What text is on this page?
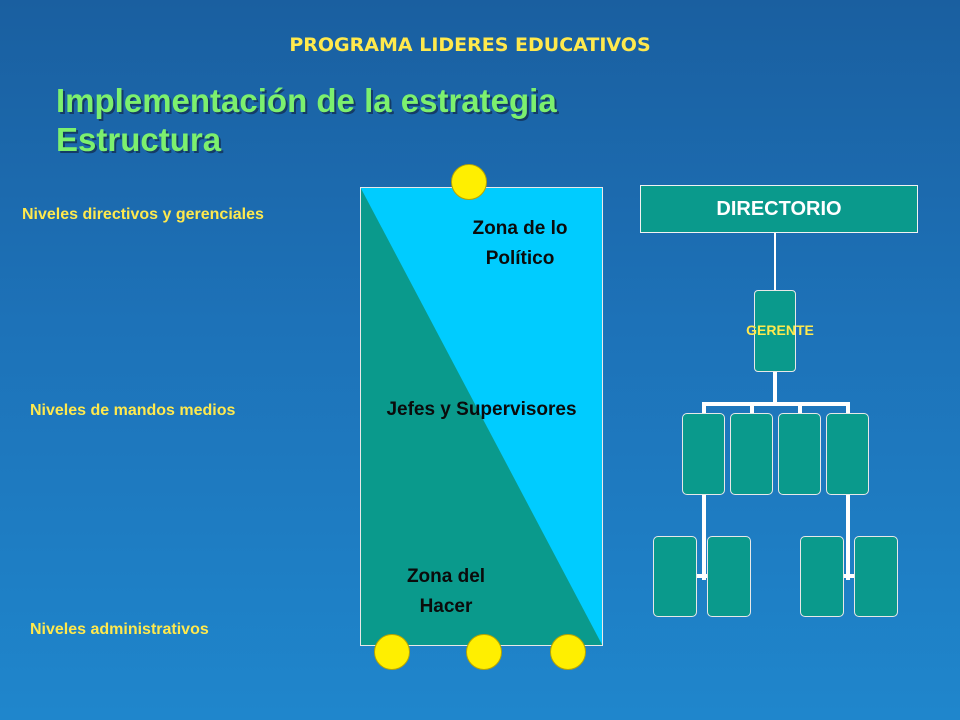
PROGRAMA LIDERES EDUCATIVOS
Implementación de la estrategia
Estructura
Niveles directivos y gerenciales
Niveles de mandos medios
Niveles administrativos
Zona de lo
Político
Jefes y Supervisores
Zona del
Hacer
DIRECTORIO
GERENTE
